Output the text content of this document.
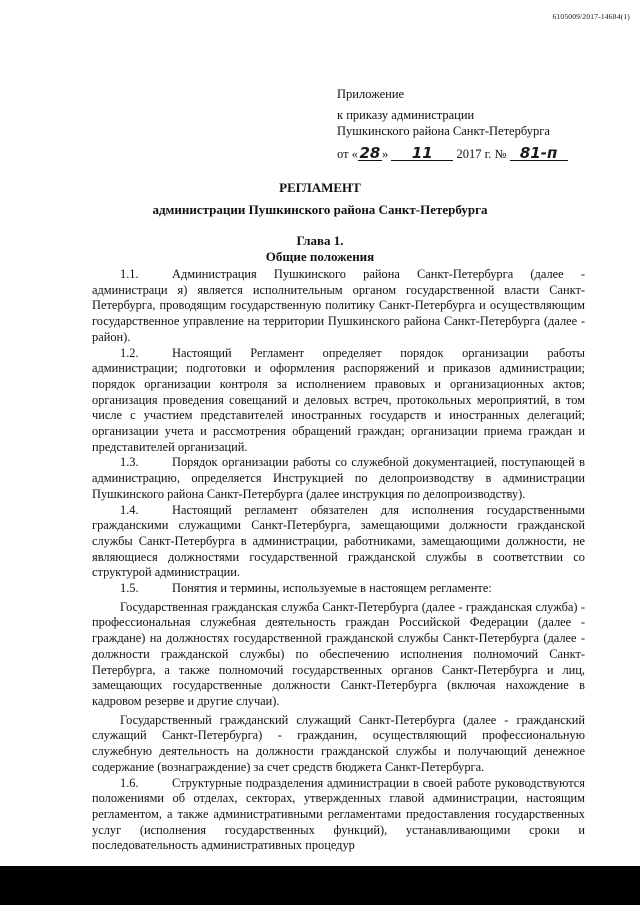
6105009/2017-14684(1)
Приложение
к приказу администрации
Пушкинского района Санкт-Петербурга
от « 28 » 11 2017 г. № 81-п
РЕГЛАМЕНТ
администрации Пушкинского района Санкт-Петербурга
Глава 1.
Общие положения

1.1.	Администрация Пушкинского района Санкт-Петербурга (далее - администраци я) является исполнительным органом государственной власти Санкт-Петербурга, проводящим государственную политику Санкт-Петербурга и осуществляющим государственное управление на территории Пушкинского района Санкт-Петербурга (далее - район).

1.2.	Настоящий Регламент определяет порядок организации работы администрации; подготовки и оформления распоряжений и приказов администрации; порядок организации контроля за исполнением правовых и организационных актов; организация проведения совещаний и деловых встреч, протокольных мероприятий, в том числе с участием представителей иностранных государств и иностранных делегаций; организации учета и рассмотрения обращений граждан; организации приема граждан и представителей организаций.

1.3.	Порядок организации работы со служебной документацией, поступающей в администрацию, определяется Инструкцией по делопроизводству в администрации Пушкинского района Санкт-Петербурга (далее инструкция по делопроизводству).

1.4.	Настоящий регламент обязателен для исполнения государственными гражданскими служащими Санкт-Петербурга, замещающими должности гражданской службы Санкт-Петербурга в администрации, работниками, замещающими должности, не являющиеся должностями государственной гражданской службы в соответствии со структурой администрации.

1.5.	Понятия и термины, используемые в настоящем регламенте:

Государственная гражданская служба Санкт-Петербурга (далее - гражданская служба) - профессиональная служебная деятельность граждан Российской Федерации (далее - граждане) на должностях государственной гражданской службы Санкт-Петербурга (далее - должности гражданской службы) по обеспечению исполнения полномочий Санкт-Петербурга, а также полномочий государственных органов Санкт-Петербурга и лиц, замещающих государственные должности Санкт-Петербурга (включая нахождение в кадровом резерве и другие случаи).

Государственный гражданский служащий Санкт-Петербурга (далее - гражданский служащий Санкт-Петербурга) - гражданин, осуществляющий профессиональную служебную деятельность на должности гражданской службы и получающий денежное содержание (вознаграждение) за счет средств бюджета Санкт-Петербурга.

1.6.	Структурные подразделения администрации в своей работе руководствуются положениями об отделах, секторах, утвержденных главой администрации, настоящим регламентом, а также административными регламентами предоставления государственных услуг (исполнения государственных функций), устанавливающими сроки и последовательность административных процедур
